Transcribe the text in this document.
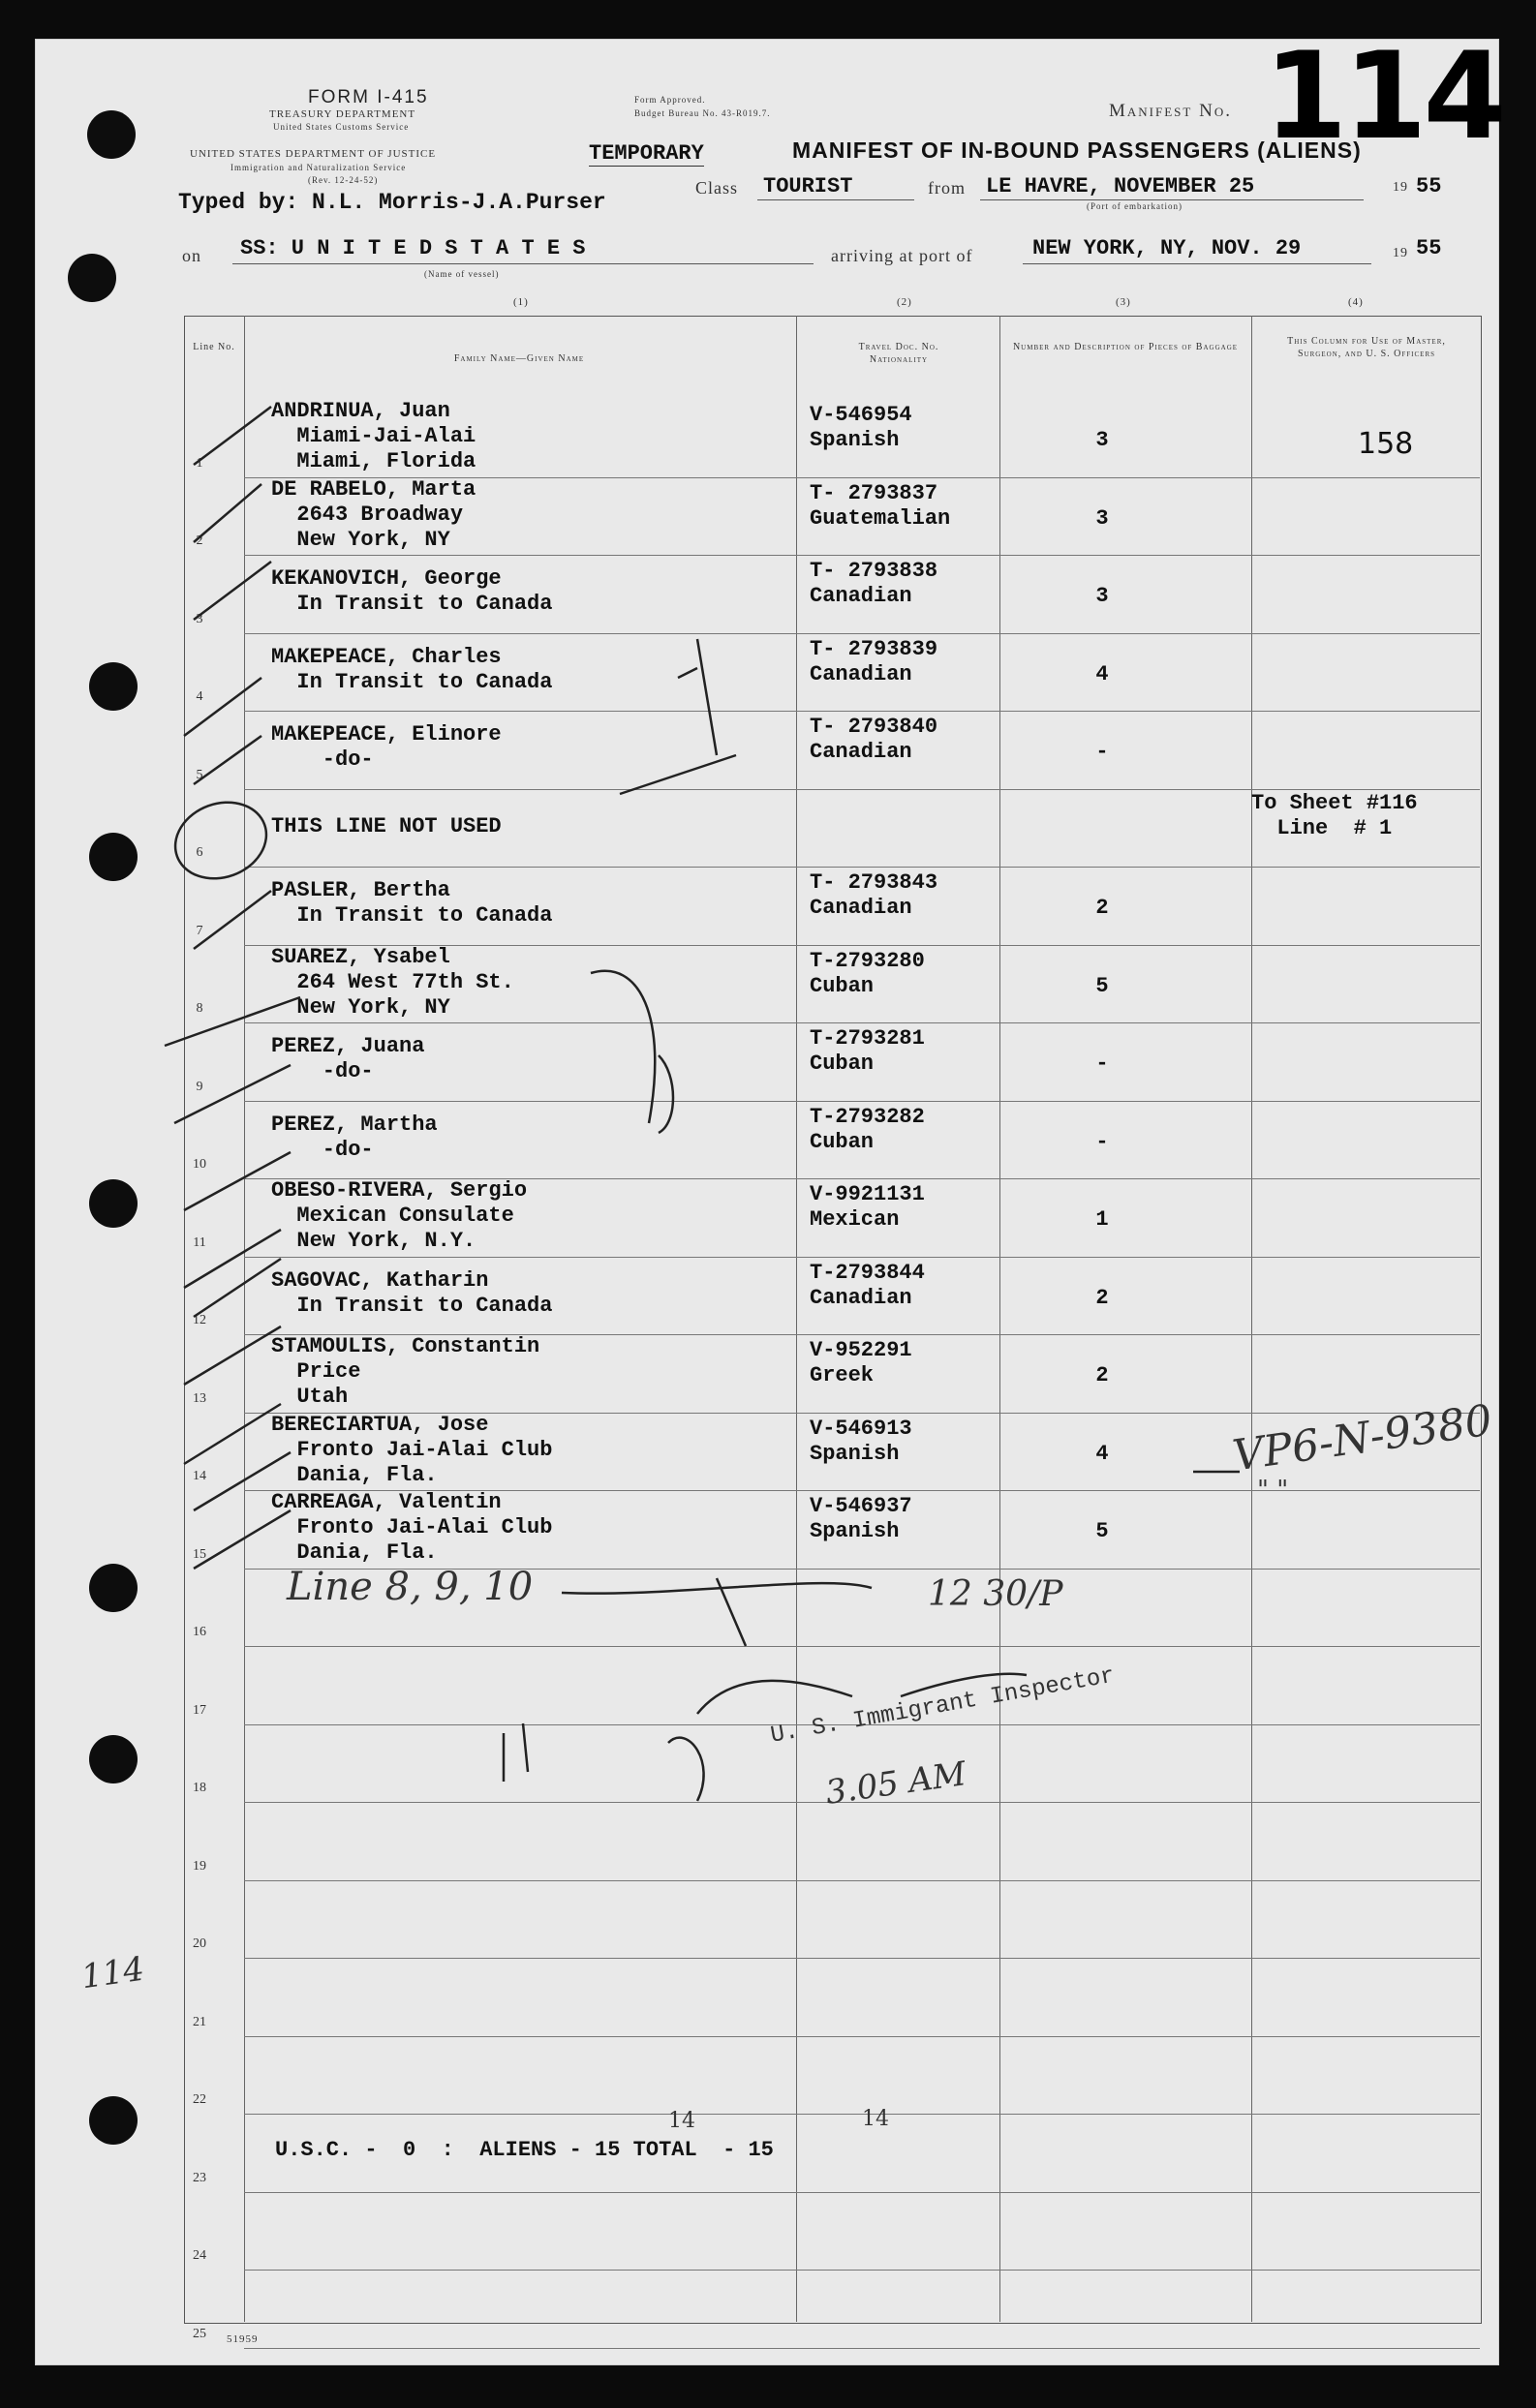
FORM I-415
TREASURY DEPARTMENT
United States Customs Service
Form Approved.
Budget Bureau No. 43-R019.7.
UNITED STATES DEPARTMENT OF JUSTICE
Immigration and Naturalization Service
(Rev. 12-24-52)
TEMPORARY	MANIFEST OF IN-BOUND PASSENGERS (ALIENS)
Manifest No. 114
Typed by: N.L. Morris-J.A.Purser
Class TOURIST	from LE HAVRE, NOVEMBER 25	19 55
(Port of embarkation)
on SS: U N I T E D S T A T E S
(Name of vessel)
arriving at port of	NEW YORK, NY, NOV. 29	19 55
(1)	(2)	(3)	(4)
Line No.
Family Name—Given Name
Travel Doc. No. Nationality
Number and Description of Pieces of Baggage
This Column for Use of Master, Surgeon, and U. S. Officers
1
ANDRINUA, Juan
Miami-Jai-Alai
Miami, Florida
V-546954
Spanish	3	158
2
DE RABELO, Marta
2643 Broadway
New York, NY
T- 2793837
Guatemalian	3
3
KEKANOVICH, George
In Transit to Canada
T- 2793838
Canadian	3
4
MAKEPEACE, Charles
In Transit to Canada
T- 2793839
Canadian	4
5
MAKEPEACE, Elinore
-do-
T- 2793840
Canadian	-
6
THIS LINE NOT USED
To Sheet #116
Line  # 1
7
PASLER, Bertha
In Transit to Canada
T- 2793843
Canadian	2
8
SUAREZ, Ysabel
264 West 77th St.
New York, NY
T-2793280
Cuban	5
9
PEREZ, Juana
-do-
T-2793281
Cuban	-
10
PEREZ, Martha
-do-
T-2793282
Cuban	-
11
OBESO-RIVERA, Sergio
Mexican Consulate
New York, N.Y.
V-9921131
Mexican	1
12
SAGOVAC, Katharin
In Transit to Canada
T-2793844
Canadian	2
13
STAMOULIS, Constantin
Price
Utah
V-952291
Greek	2
14
BERECIARTUA, Jose
Fronto Jai-Alai Club
Dania, Fla.
V-546913
Spanish	4
15
CARREAGA, Valentin
Fronto Jai-Alai Club
Dania, Fla.
V-546937
Spanish	5
16
17
18
19
20
21
22
23
24
25
U.S.C. -  0  :  ALIENS - 15 TOTAL  - 15
14	14
VP6-N-9380
" "
Line 8, 9, 10	12 30/P
U. S. Immigrant Inspector
3.05 AM
114
51959
